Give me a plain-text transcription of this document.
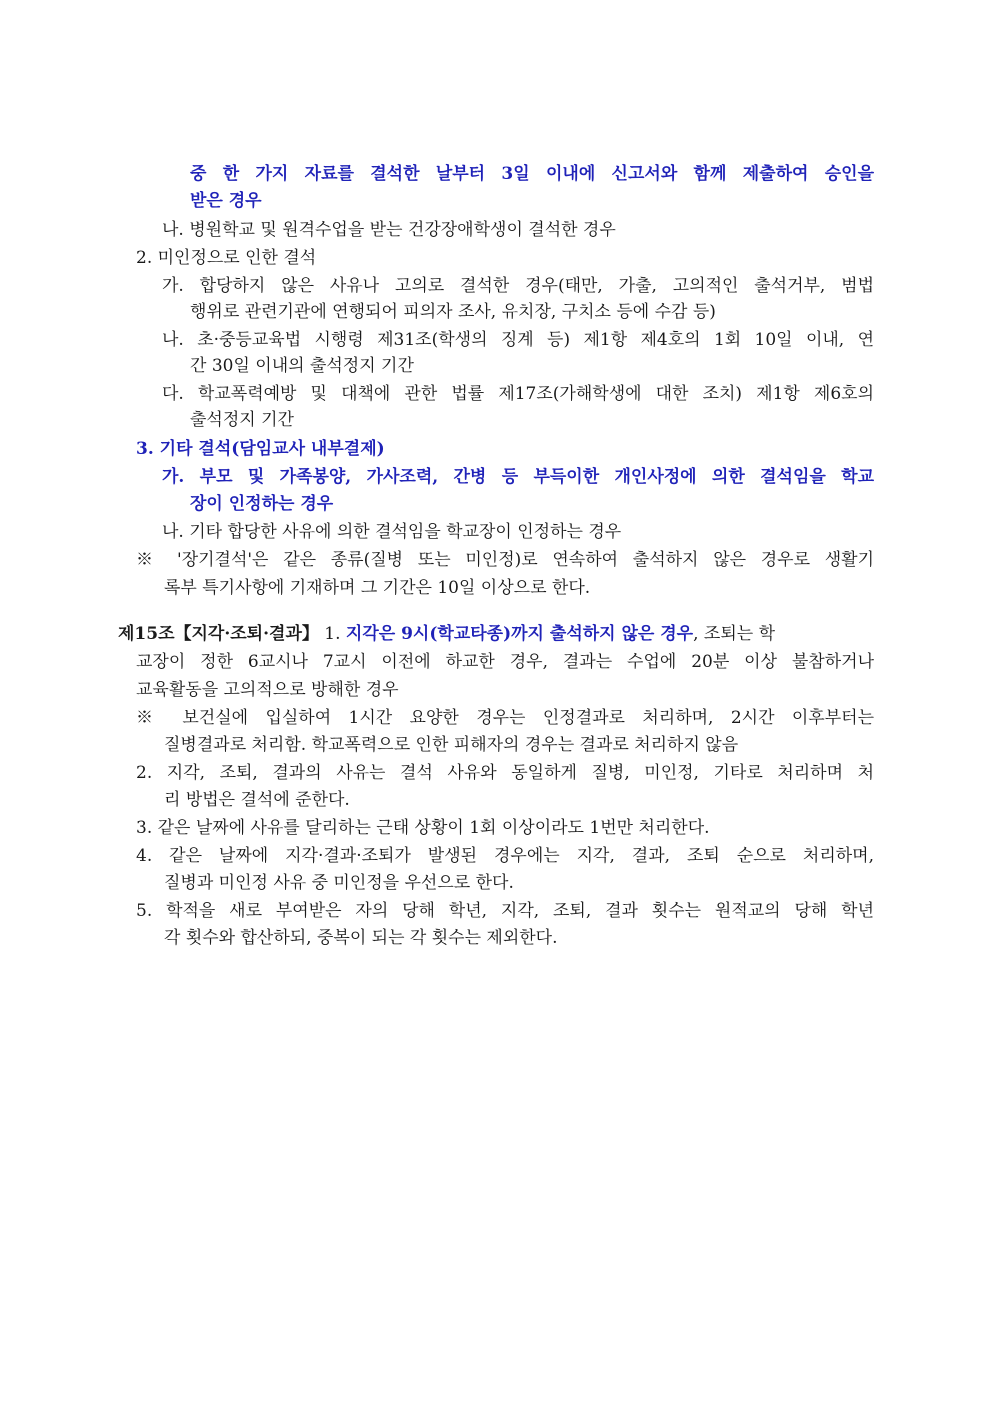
중 한 가지 자료를 결석한 날부터 3일 이내에 신고서와 함께 제출하여 승인을
받은 경우
나. 병원학교 및 원격수업을 받는 건강장애학생이 결석한 경우
2. 미인정으로 인한 결석
가. 합당하지 않은 사유나 고의로 결석한 경우(태만, 가출, 고의적인 출석거부, 범법
행위로 관련기관에 연행되어 피의자 조사, 유치장, 구치소 등에 수감 등)
나. 초·중등교육법 시행령 제31조(학생의 징계 등) 제1항 제4호의 1회 10일 이내, 연
간 30일 이내의 출석정지 기간
다. 학교폭력예방 및 대책에 관한 법률 제17조(가해학생에 대한 조치) 제1항 제6호의
출석정지 기간
3. 기타 결석(담임교사 내부결제)
가. 부모 및 가족봉양, 가사조력, 간병 등 부득이한 개인사정에 의한 결석임을 학교
장이 인정하는 경우
나. 기타 합당한 사유에 의한 결석임을 학교장이 인정하는 경우
※ '장기결석'은 같은 종류(질병 또는 미인정)로 연속하여 출석하지 않은 경우로 생활기
록부 특기사항에 기재하며 그 기간은 10일 이상으로 한다.
제15조【지각·조퇴·결과】 1. 지각은 9시(학교타종)까지 출석하지 않은 경우, 조퇴는 학
교장이 정한 6교시나 7교시 이전에 하교한 경우, 결과는 수업에 20분 이상 불참하거나
교육활동을 고의적으로 방해한 경우
※ 보건실에 입실하여 1시간 요양한 경우는 인정결과로 처리하며, 2시간 이후부터는
질병결과로 처리함. 학교폭력으로 인한 피해자의 경우는 결과로 처리하지 않음
2. 지각, 조퇴, 결과의 사유는 결석 사유와 동일하게 질병, 미인정, 기타로 처리하며 처
리 방법은 결석에 준한다.
3. 같은 날짜에 사유를 달리하는 근태 상황이 1회 이상이라도 1번만 처리한다.
4. 같은 날짜에 지각·결과·조퇴가 발생된 경우에는 지각, 결과, 조퇴 순으로 처리하며,
질병과 미인정 사유 중 미인정을 우선으로 한다.
5. 학적을 새로 부여받은 자의 당해 학년, 지각, 조퇴, 결과 횟수는 원적교의 당해 학년
각 횟수와 합산하되, 중복이 되는 각 횟수는 제외한다.
